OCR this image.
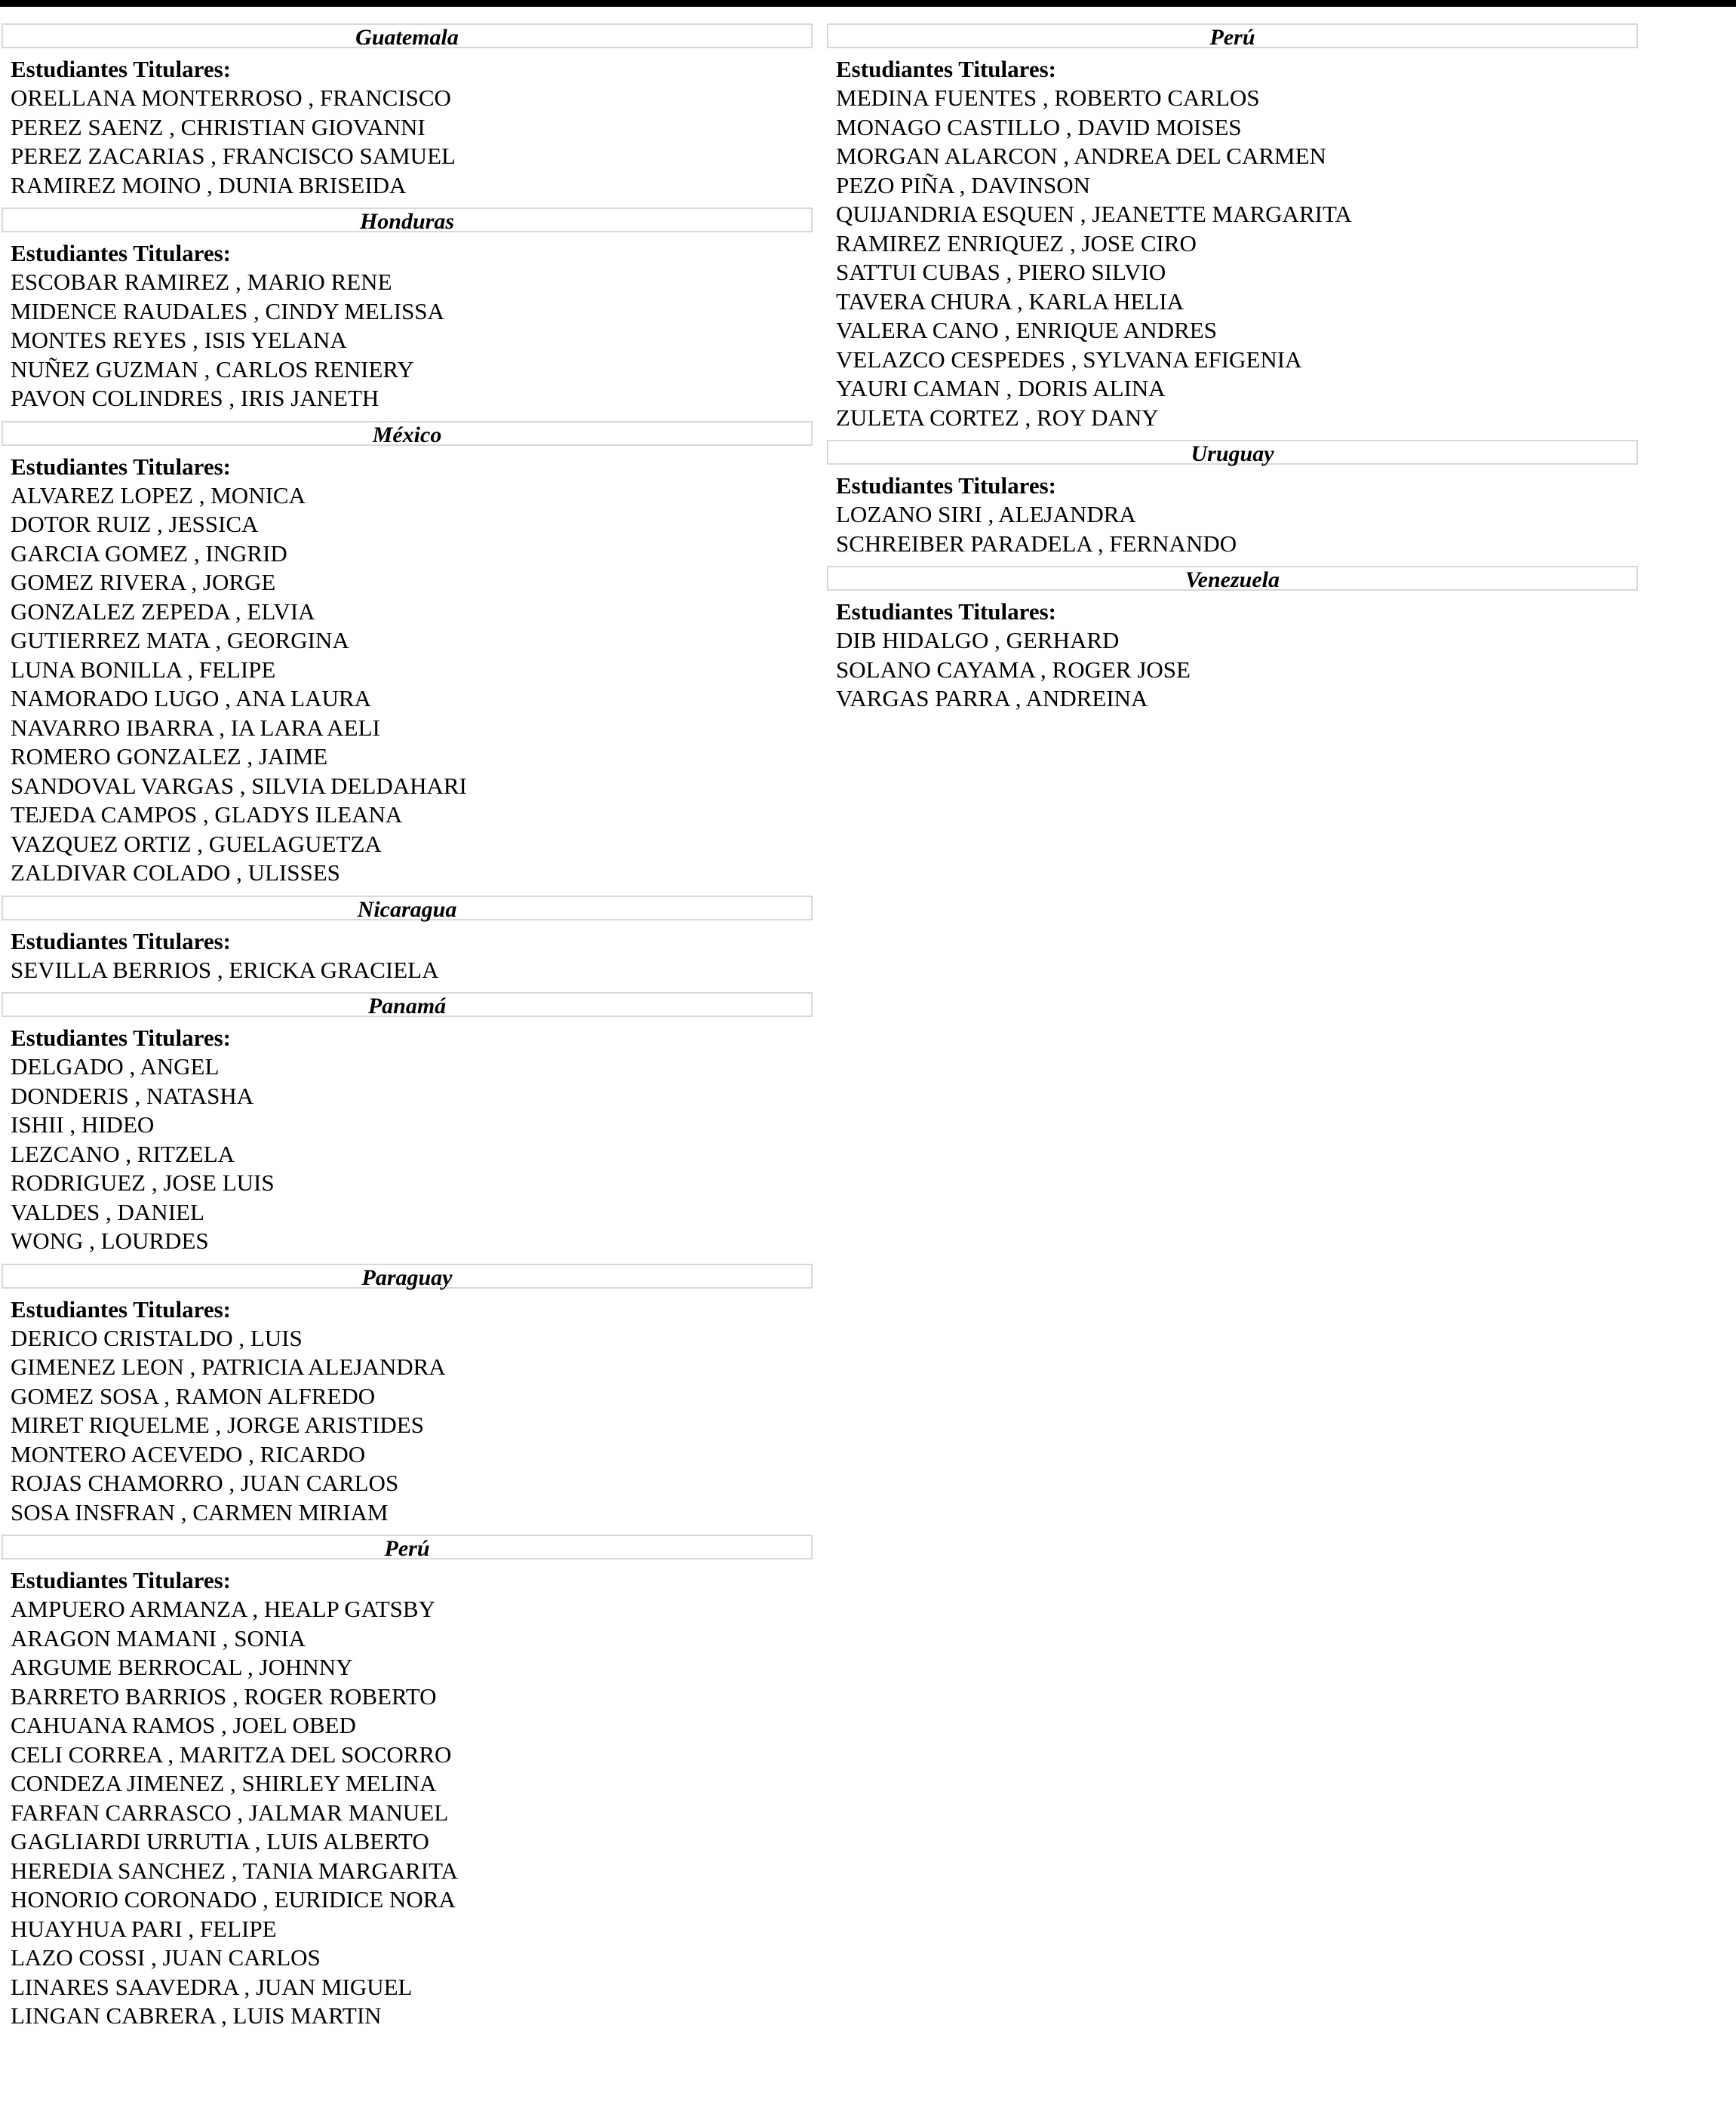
Guatemala
Estudiantes Titulares:
ORELLANA MONTERROSO , FRANCISCO
PEREZ SAENZ , CHRISTIAN GIOVANNI
PEREZ ZACARIAS , FRANCISCO SAMUEL
RAMIREZ MOINO , DUNIA BRISEIDA
Honduras
Estudiantes Titulares:
ESCOBAR RAMIREZ , MARIO RENE
MIDENCE RAUDALES , CINDY MELISSA
MONTES REYES , ISIS YELANA
NUÑEZ GUZMAN , CARLOS RENIERY
PAVON COLINDRES , IRIS JANETH
México
Estudiantes Titulares:
ALVAREZ LOPEZ , MONICA
DOTOR RUIZ , JESSICA
GARCIA GOMEZ , INGRID
GOMEZ RIVERA , JORGE
GONZALEZ ZEPEDA , ELVIA
GUTIERREZ MATA , GEORGINA
LUNA BONILLA , FELIPE
NAMORADO LUGO , ANA LAURA
NAVARRO IBARRA , IA LARA AELI
ROMERO GONZALEZ , JAIME
SANDOVAL VARGAS , SILVIA DELDAHARI
TEJEDA CAMPOS , GLADYS ILEANA
VAZQUEZ ORTIZ , GUELAGUETZA
ZALDIVAR COLADO , ULISSES
Nicaragua
Estudiantes Titulares:
SEVILLA BERRIOS , ERICKA GRACIELA
Panamá
Estudiantes Titulares:
DELGADO , ANGEL
DONDERIS , NATASHA
ISHII , HIDEO
LEZCANO , RITZELA
RODRIGUEZ , JOSE LUIS
VALDES , DANIEL
WONG , LOURDES
Paraguay
Estudiantes Titulares:
DERICO CRISTALDO , LUIS
GIMENEZ LEON , PATRICIA ALEJANDRA
GOMEZ SOSA , RAMON ALFREDO
MIRET RIQUELME , JORGE ARISTIDES
MONTERO ACEVEDO , RICARDO
ROJAS CHAMORRO , JUAN CARLOS
SOSA INSFRAN , CARMEN MIRIAM
Perú
Estudiantes Titulares:
AMPUERO ARMANZA , HEALP GATSBY
ARAGON MAMANI , SONIA
ARGUME BERROCAL , JOHNNY
BARRETO BARRIOS , ROGER ROBERTO
CAHUANA RAMOS , JOEL OBED
CELI CORREA , MARITZA DEL SOCORRO
CONDEZA JIMENEZ , SHIRLEY MELINA
FARFAN CARRASCO , JALMAR MANUEL
GAGLIARDI URRUTIA , LUIS ALBERTO
HEREDIA SANCHEZ , TANIA MARGARITA
HONORIO CORONADO , EURIDICE NORA
HUAYHUA PARI , FELIPE
LAZO COSSI , JUAN CARLOS
LINARES SAAVEDRA , JUAN MIGUEL
LINGAN CABRERA , LUIS MARTIN
Perú
Estudiantes Titulares:
MEDINA FUENTES , ROBERTO CARLOS
MONAGO CASTILLO , DAVID MOISES
MORGAN ALARCON , ANDREA DEL CARMEN
PEZO PIÑA , DAVINSON
QUIJANDRIA ESQUEN , JEANETTE MARGARITA
RAMIREZ ENRIQUEZ , JOSE CIRO
SATTUI CUBAS , PIERO SILVIO
TAVERA CHURA , KARLA HELIA
VALERA CANO , ENRIQUE ANDRES
VELAZCO CESPEDES , SYLVANA EFIGENIA
YAURI CAMAN , DORIS ALINA
ZULETA CORTEZ , ROY DANY
Uruguay
Estudiantes Titulares:
LOZANO SIRI , ALEJANDRA
SCHREIBER PARADELA , FERNANDO
Venezuela
Estudiantes Titulares:
DIB HIDALGO , GERHARD
SOLANO CAYAMA , ROGER JOSE
VARGAS PARRA , ANDREINA
